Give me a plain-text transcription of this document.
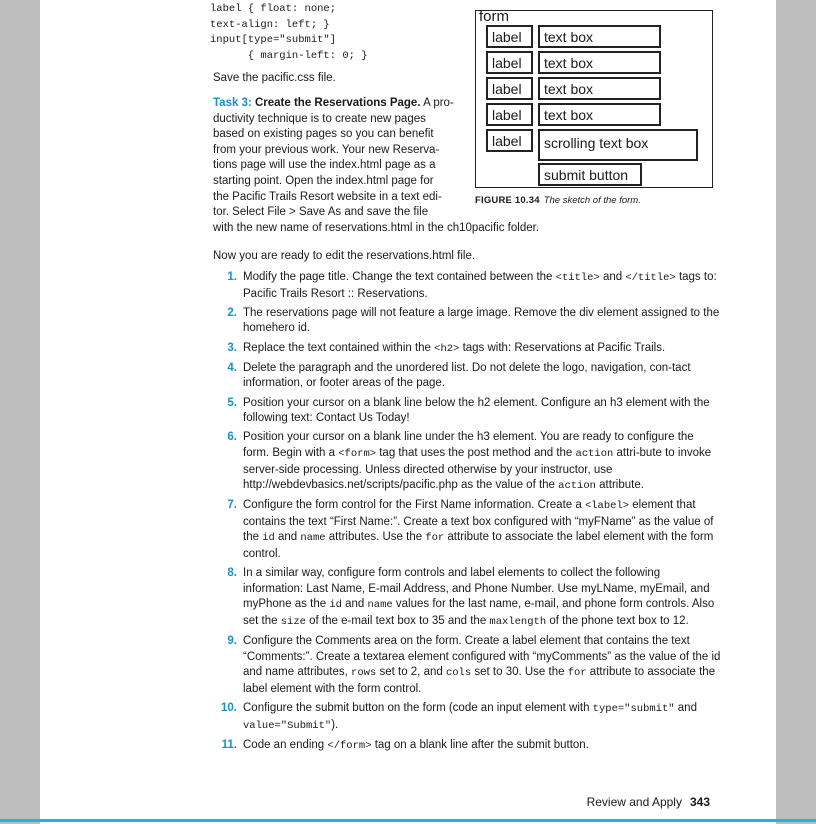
label { float: none;
text-align: left; }
input[type="submit"]
{ margin-left: 0; }
Save the pacific.css file.
Task 3: Create the Reservations Page. A pro-
ductivity technique is to create new pages
based on existing pages so you can benefit
from your previous work. Your new Reserva-
tions page will use the index.html page as a
starting point. Open the index.html page for
the Pacific Trails Resort website in a text edi-
tor. Select File > Save As and save the file
with the new name of reservations.html in the ch10pacific folder.
Now you are ready to edit the reservations.html file.
form
label	text box
label	text box
label	text box
label	text box
label	scrolling text box
submit button
FIGURE 10.34 The sketch of the form.
1. Modify the page title. Change the text contained between the <title> and </title> tags to: Pacific Trails Resort :: Reservations.
2. The reservations page will not feature a large image. Remove the div element assigned to the homehero id.
3. Replace the text contained within the <h2> tags with: Reservations at Pacific Trails.
4. Delete the paragraph and the unordered list. Do not delete the logo, navigation, con-tact information, or footer areas of the page.
5. Position your cursor on a blank line below the h2 element. Configure an h3 element with the following text: Contact Us Today!
6. Position your cursor on a blank line under the h3 element. You are ready to configure the form. Begin with a <form> tag that uses the post method and the action attri-bute to invoke server-side processing. Unless directed otherwise by your instructor, use http://webdevbasics.net/scripts/pacific.php as the value of the action attribute.
7. Configure the form control for the First Name information. Create a <label> element that contains the text “First Name:”. Create a text box configured with “myFName” as the value of the id and name attributes. Use the for attribute to associate the label element with the form control.
8. In a similar way, configure form controls and label elements to collect the following information: Last Name, E-mail Address, and Phone Number. Use myLName, myEmail, and myPhone as the id and name values for the last name, e-mail, and phone form controls. Also set the size of the e-mail text box to 35 and the maxlength of the phone text box to 12.
9. Configure the Comments area on the form. Create a label element that contains the text “Comments:”. Create a textarea element configured with “myComments” as the value of the id and name attributes, rows set to 2, and cols set to 30. Use the for attribute to associate the label element with the form control.
10. Configure the submit button on the form (code an input element with type="submit" and value="Submit").
11. Code an ending </form> tag on a blank line after the submit button.
Review and Apply 343
